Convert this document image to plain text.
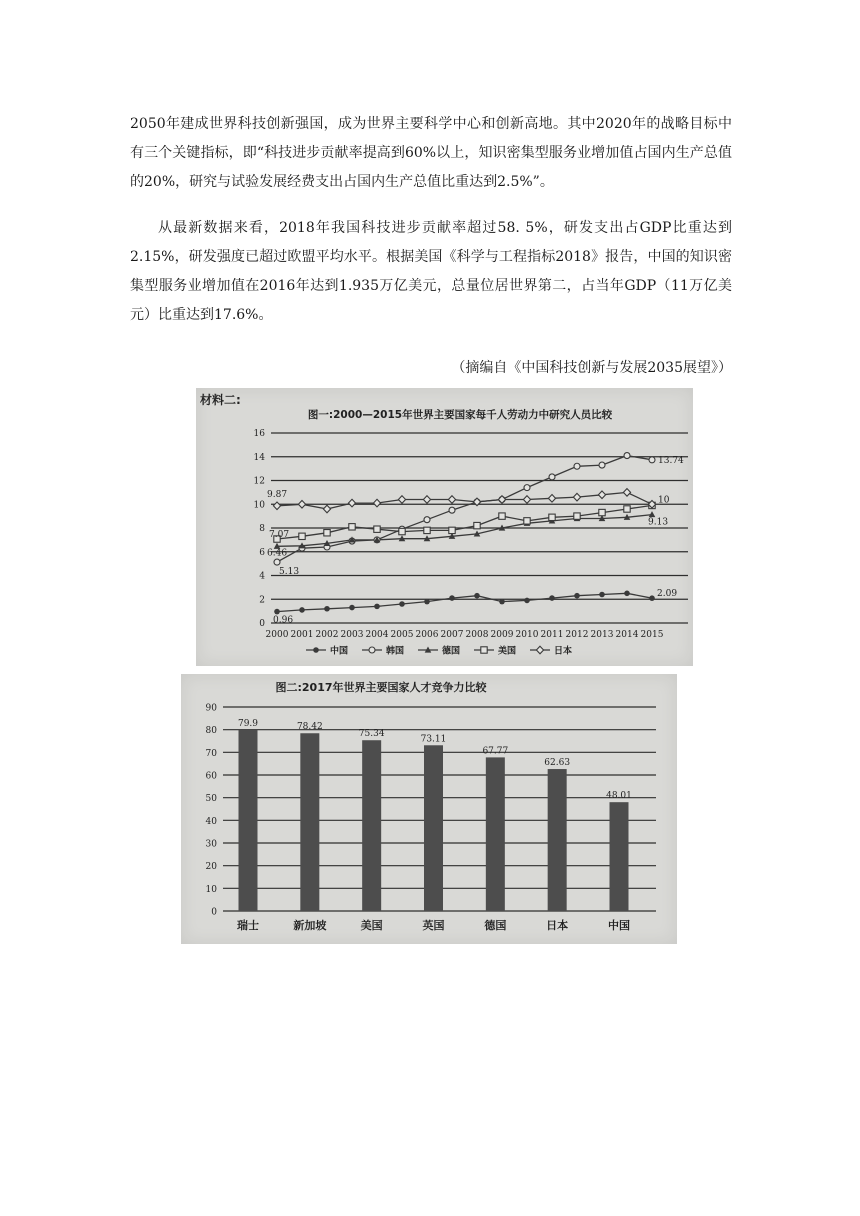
2050年建成世界科技创新强国，成为世界主要科学中心和创新高地。其中2020年的战略目标中有三个关键指标，即“科技进步贡献率提高到60%以上，知识密集型服务业增加值占国内生产总值的20%，研究与试验发展经费支出占国内生产总值比重达到2.5%”。

从最新数据来看，2018年我国科技进步贡献率超过58. 5%，研发支出占GDP比重达到2.15%，研发强度已超过欧盟平均水平。根据美国《科学与工程指标2018》报告，中国的知识密集型服务业增加值在2016年达到1.935万亿美元，总量位居世界第二，占当年GDP（11万亿美元）比重达到17.6%。

（摘编自《中国科技创新与发展2035展望》）
材料二:
图一:2000—2015年世界主要国家每千人劳动力中研究人员比较
0
2
4
6
8
10
12
14
16
2000 2001 2002 2003 2004 2005 2006 2007 2008 2009 2010 2011 2012 2013 2014 2015
0.96
2.09
5.13
13.74
6.46
9.13
7.07
9.87
10
中国	韩国	德国	美国	日本
图二:2017年世界主要国家人才竞争力比较
0
10
20
30
40
50
60
70
80
90
79.9	78.42
75.34
73.11
67.77
62.63
48.01
瑞士	新加坡	美国	英国	德国	日本	中国
